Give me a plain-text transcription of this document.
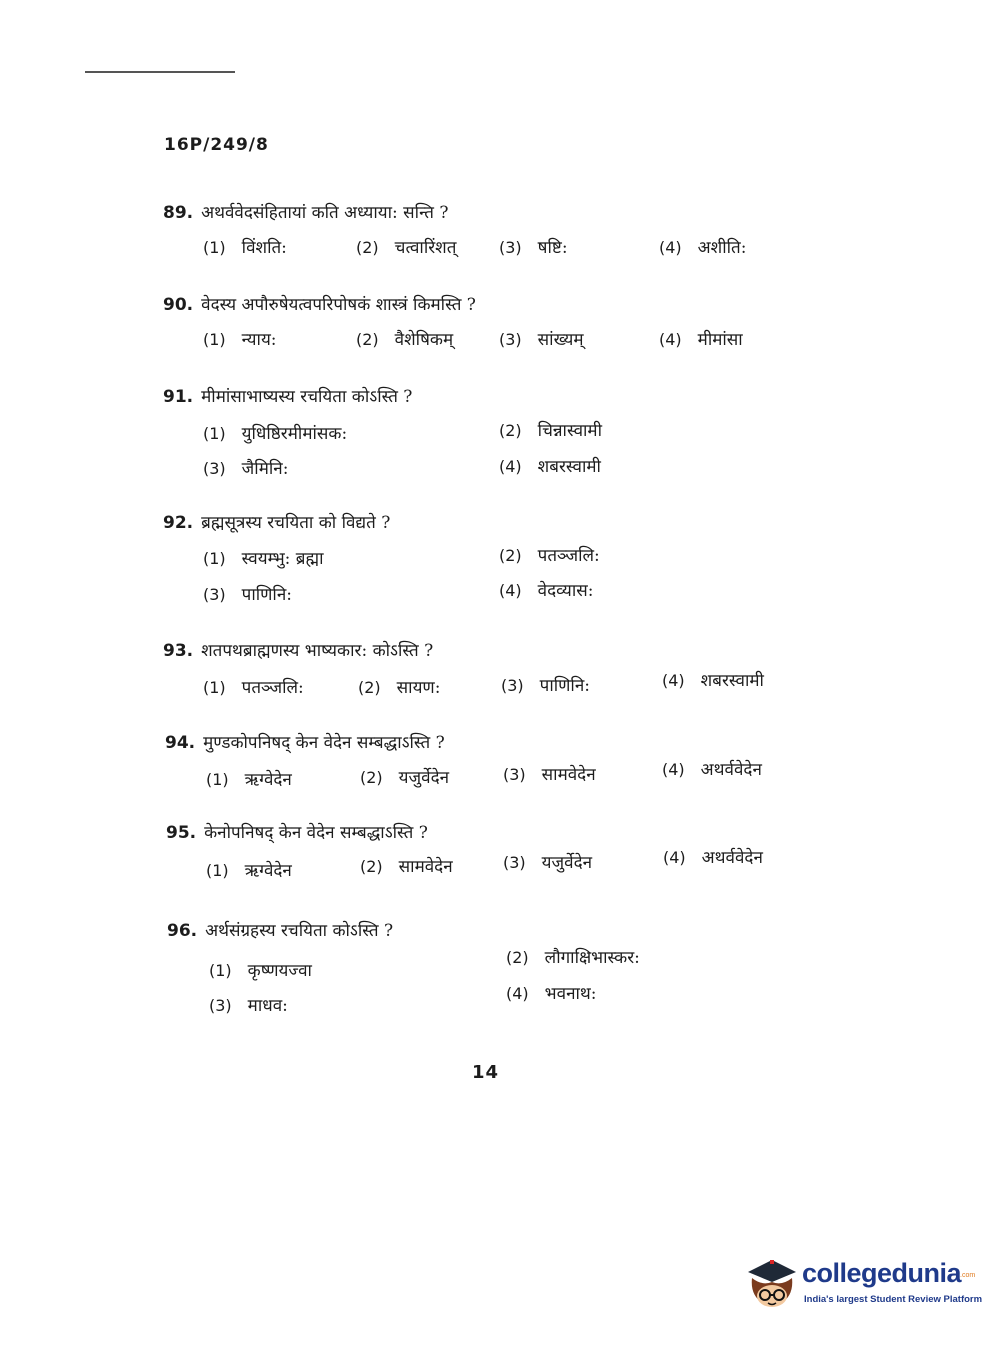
16P/249/8
89. अथर्ववेदसंहितायां कति अध्याया: सन्ति ?
(1) विंशति:	(2) चत्वारिंशत्	(3) षष्टि:	(4) अशीति:
90. वेदस्य अपौरुषेयत्वपरिपोषकं शास्त्रं किमस्ति ?
(1) न्याय:	(2) वैशेषिकम्	(3) सांख्यम्	(4) मीमांसा
91. मीमांसाभाष्यस्य रचयिता कोऽस्ति ?
(1) युधिष्ठिरमीमांसक:	(2) चिन्नास्वामी
(3) जैमिनि:	(4) शबरस्वामी
92. ब्रह्मसूत्रस्य रचयिता को विद्यते ?
(1) स्वयम्भु: ब्रह्मा	(2) पतञ्जलि:
(3) पाणिनि:	(4) वेदव्यास:
93. शतपथब्राह्मणस्य भाष्यकार: कोऽस्ति ?
(1) पतञ्जलि:	(2) सायण:	(3) पाणिनि:	(4) शबरस्वामी
94. मुण्डकोपनिषद् केन वेदेन सम्बद्धाऽस्ति ?
(1) ऋग्वेदेन	(2) यजुर्वेदेन	(3) सामवेदेन	(4) अथर्ववेदेन
95. केनोपनिषद् केन वेदेन सम्बद्धाऽस्ति ?
(1) ऋग्वेदेन	(2) सामवेदेन	(3) यजुर्वेदेन	(4) अथर्ववेदेन
96. अर्थसंग्रहस्य रचयिता कोऽस्ति ?
(1) कृष्णयज्वा
(2) लौगाक्षिभास्कर:
(3) माधव:
(4) भवनाथ:
14
collegedunia
.com
India's largest Student Review Platform
